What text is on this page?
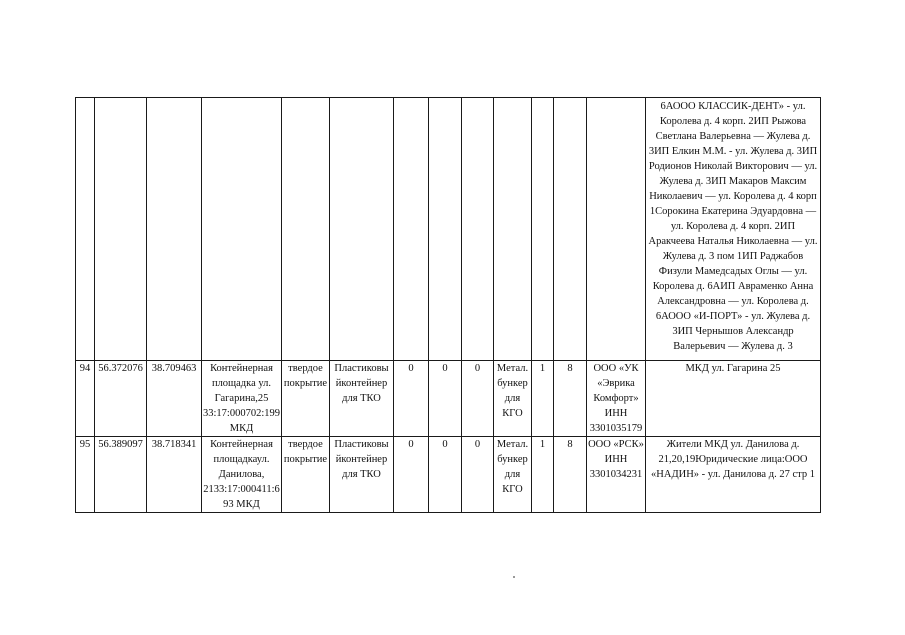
													6АООО КЛАССИК-ДЕНТ» - ул. Королева д. 4 корп. 2ИП Рыжова Светлана Валерьевна — Жулева д. 3ИП Елкин М.М. - ул. Жулева д. 3ИП Родионов Николай Викторович — ул. Жулева д. 3ИП Макаров Максим Николаевич — ул. Королева д. 4 корп 1Сорокина Екатерина Эдуардовна — ул. Королева д. 4 корп. 2ИП Аракчеева Наталья Николаевна — ул. Жулева д. 3 пом 1ИП Раджабов Физули Мамедсадых Оглы — ул. Королева д. 6АИП Авраменко Анна Александровна — ул. Королева д. 6АООО «И-ПОРТ» - ул. Жулева д. 3ИП Чернышов Александр Валерьевич — Жулева д. 3
94	56.372076	38.709463	Контейнерная площадка ул. Гагарина,25 33:17:000702:199 МКД	твердое покрытие	Пластиковы йконтейнер для ТКО	0	0	0	Метал. бункер для КГО	1	8	ООО «УК «Эврика Комфорт» ИНН 3301035179	МКД ул. Гагарина 25
95	56.389097	38.718341	Контейнерная площадкаул. Данилова, 2133:17:000411:6 93 МКД	твердое покрытие	Пластиковы йконтейнер для ТКО	0	0	0	Метал. бункер для КГО	1	8	ООО «РСК» ИНН 3301034231	Жители МКД ул. Данилова д. 21,20,19Юридические лица:ООО «НАДИН» - ул. Данилова д. 27 стр 1
